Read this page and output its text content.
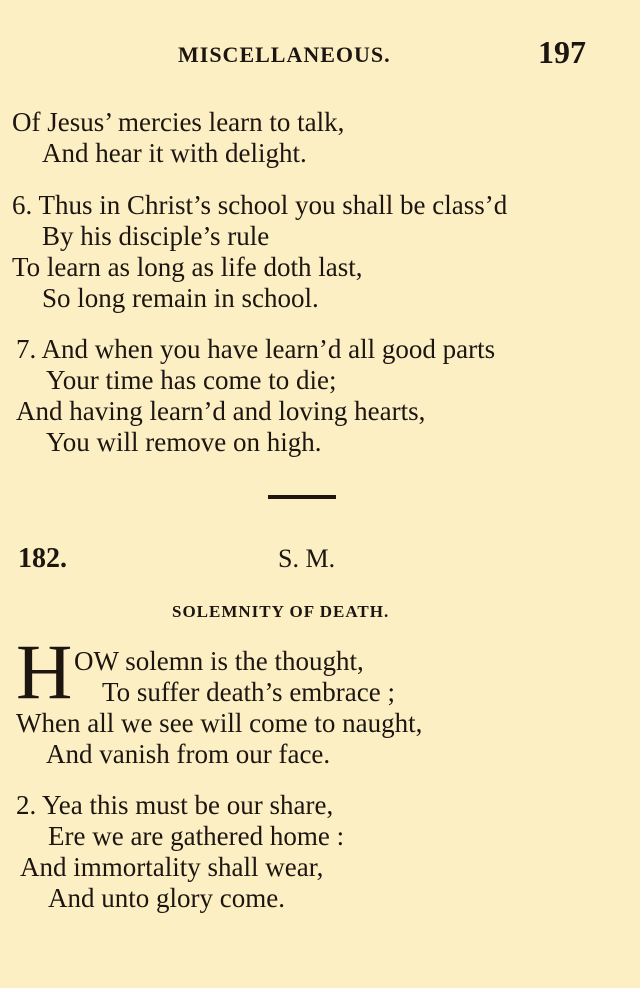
MISCELLANEOUS.	197
Of Jesus’ mercies learn to talk,
And hear it with delight.
6. Thus in Christ’s school you shall be class’d
By his disciple’s rule
To learn as long as life doth last,
So long remain in school.
7. And when you have learn’d all good parts
Your time has come to die;
And having learn’d and loving hearts,
You will remove on high.
182.	S. M.
SOLEMNITY OF DEATH.
H OW solemn is the thought,
To suffer death’s embrace ;
When all we see will come to naught,
And vanish from our face.
2. Yea this must be our share,
Ere we are gathered home :
And immortality shall wear,
And unto glory come.
